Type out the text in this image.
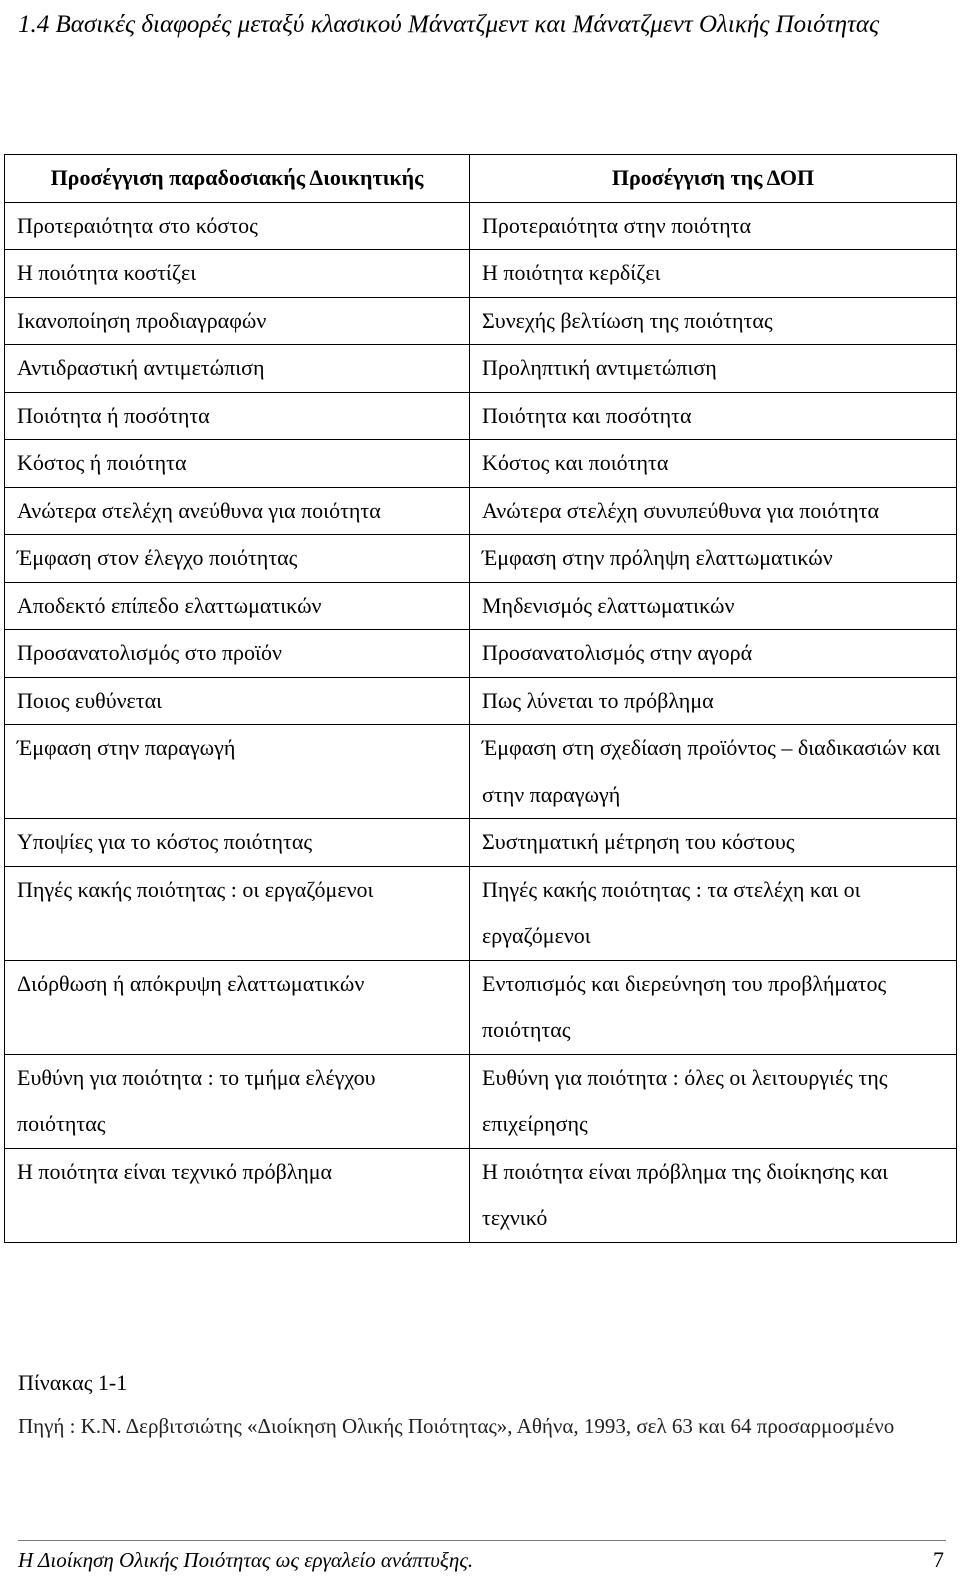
1.4 Βασικές διαφορές μεταξύ κλασικού Μάνατζμεντ και Μάνατζμεντ Ολικής Ποιότητας
Προσέγγιση παραδοσιακής Διοικητικής	Προσέγγιση της ΔΟΠ
Προτεραιότητα στο κόστος	Προτεραιότητα στην ποιότητα
Η ποιότητα κοστίζει	Η ποιότητα κερδίζει
Ικανοποίηση προδιαγραφών	Συνεχής βελτίωση της ποιότητας
Αντιδραστική αντιμετώπιση	Προληπτική αντιμετώπιση
Ποιότητα ή ποσότητα	Ποιότητα και ποσότητα
Κόστος ή ποιότητα	Κόστος και ποιότητα
Ανώτερα στελέχη ανεύθυνα για ποιότητα	Ανώτερα στελέχη συνυπεύθυνα για ποιότητα
Έμφαση στον έλεγχο ποιότητας	Έμφαση στην πρόληψη ελαττωματικών
Αποδεκτό επίπεδο ελαττωματικών	Μηδενισμός ελαττωματικών
Προσανατολισμός στο προϊόν	Προσανατολισμός στην αγορά
Ποιος ευθύνεται	Πως λύνεται το πρόβλημα
Έμφαση στην παραγωγή	Έμφαση στη σχεδίαση προϊόντος – διαδικασιών και στην παραγωγή
Υποψίες για το κόστος ποιότητας	Συστηματική μέτρηση του κόστους
Πηγές κακής ποιότητας : οι εργαζόμενοι	Πηγές κακής ποιότητας : τα στελέχη και οι εργαζόμενοι
Διόρθωση ή απόκρυψη ελαττωματικών	Εντοπισμός και διερεύνηση του προβλήματος ποιότητας
Ευθύνη για ποιότητα : το τμήμα ελέγχου ποιότητας	Ευθύνη για ποιότητα : όλες οι λειτουργιές της επιχείρησης
Η ποιότητα είναι τεχνικό πρόβλημα	Η ποιότητα είναι πρόβλημα της διοίκησης και τεχνικό
Πίνακας 1-1
Πηγή : Κ.Ν. Δερβιτσιώτης «Διοίκηση Ολικής Ποιότητας», Αθήνα, 1993, σελ 63 και 64 προσαρμοσμένο
Η Διοίκηση Ολικής Ποιότητας ως εργαλείο ανάπτυξης.	7
